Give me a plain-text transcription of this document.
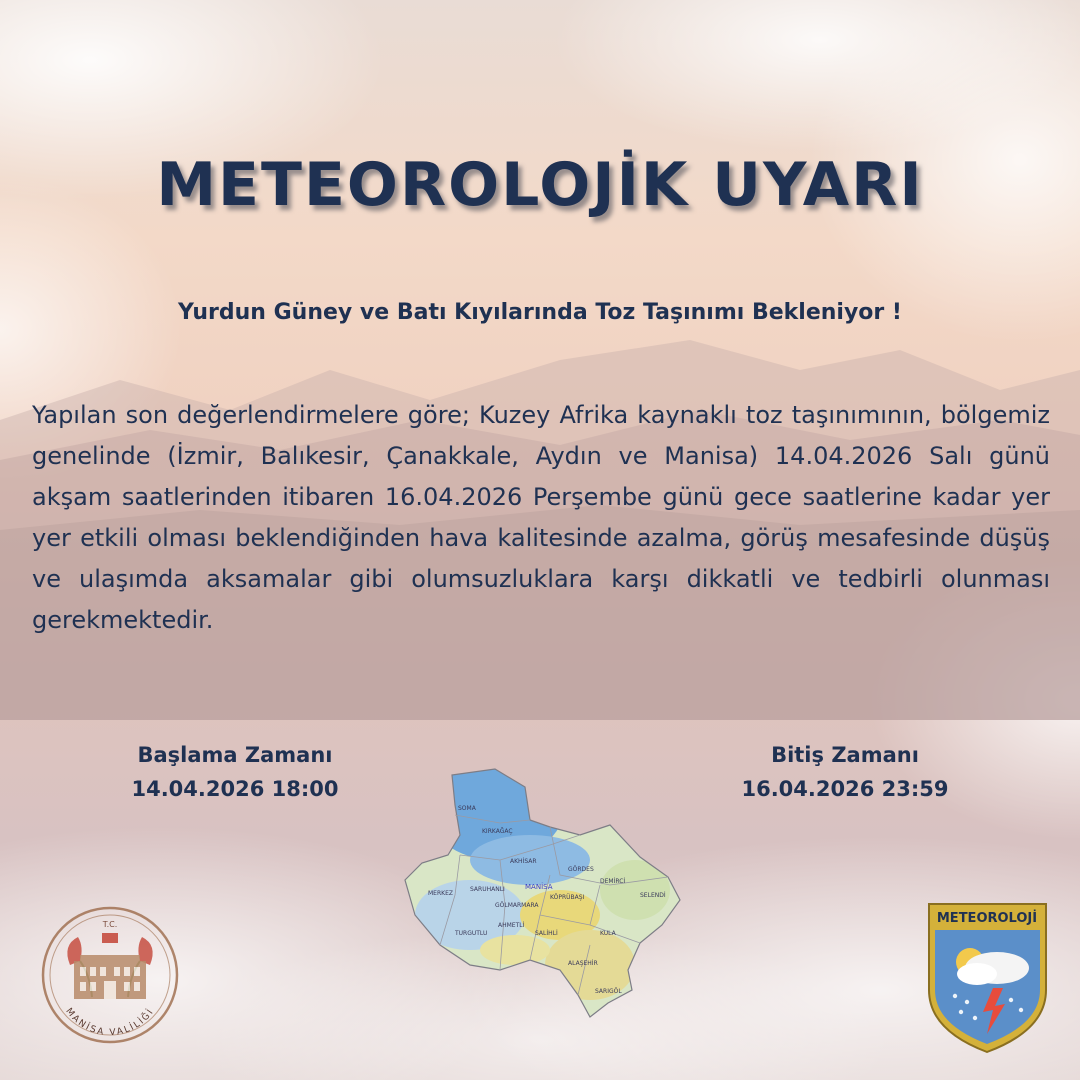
METEOROLOJİK UYARI
Yurdun Güney ve Batı Kıyılarında Toz Taşınımı Bekleniyor !

Yapılan son değerlendirmelere göre; Kuzey Afrika kaynaklı toz taşınımının, bölgemiz genelinde (İzmir, Balıkesir, Çanakkale, Aydın ve Manisa) 14.04.2026 Salı günü akşam saatlerinden itibaren 16.04.2026 Perşembe günü gece saatlerine kadar yer yer etkili olması beklendiğinden hava kalitesinde azalma, görüş mesafesinde düşüş ve ulaşımda aksamalar gibi olumsuzluklara karşı dikkatli ve tedbirli olunması gerekmektedir.

Başlama Zamanı
14.04.2026 18:00
Bitiş Zamanı
16.04.2026 23:59
SOMA
KIRKAĞAÇ
AKHİSAR
GÖRDES
MERKEZ
SARUHANLI	MANİSA
DEMİRCİ
SELENDİ
KÖPRÜBAŞI
GÖLMARMARA
TURGUTLU
AHMETLİ
SALİHLİ	KULA
ALAŞEHİR
SARIGÖL
T.C.
MANİSA VALİLİĞİ
METEOROLOJİ
